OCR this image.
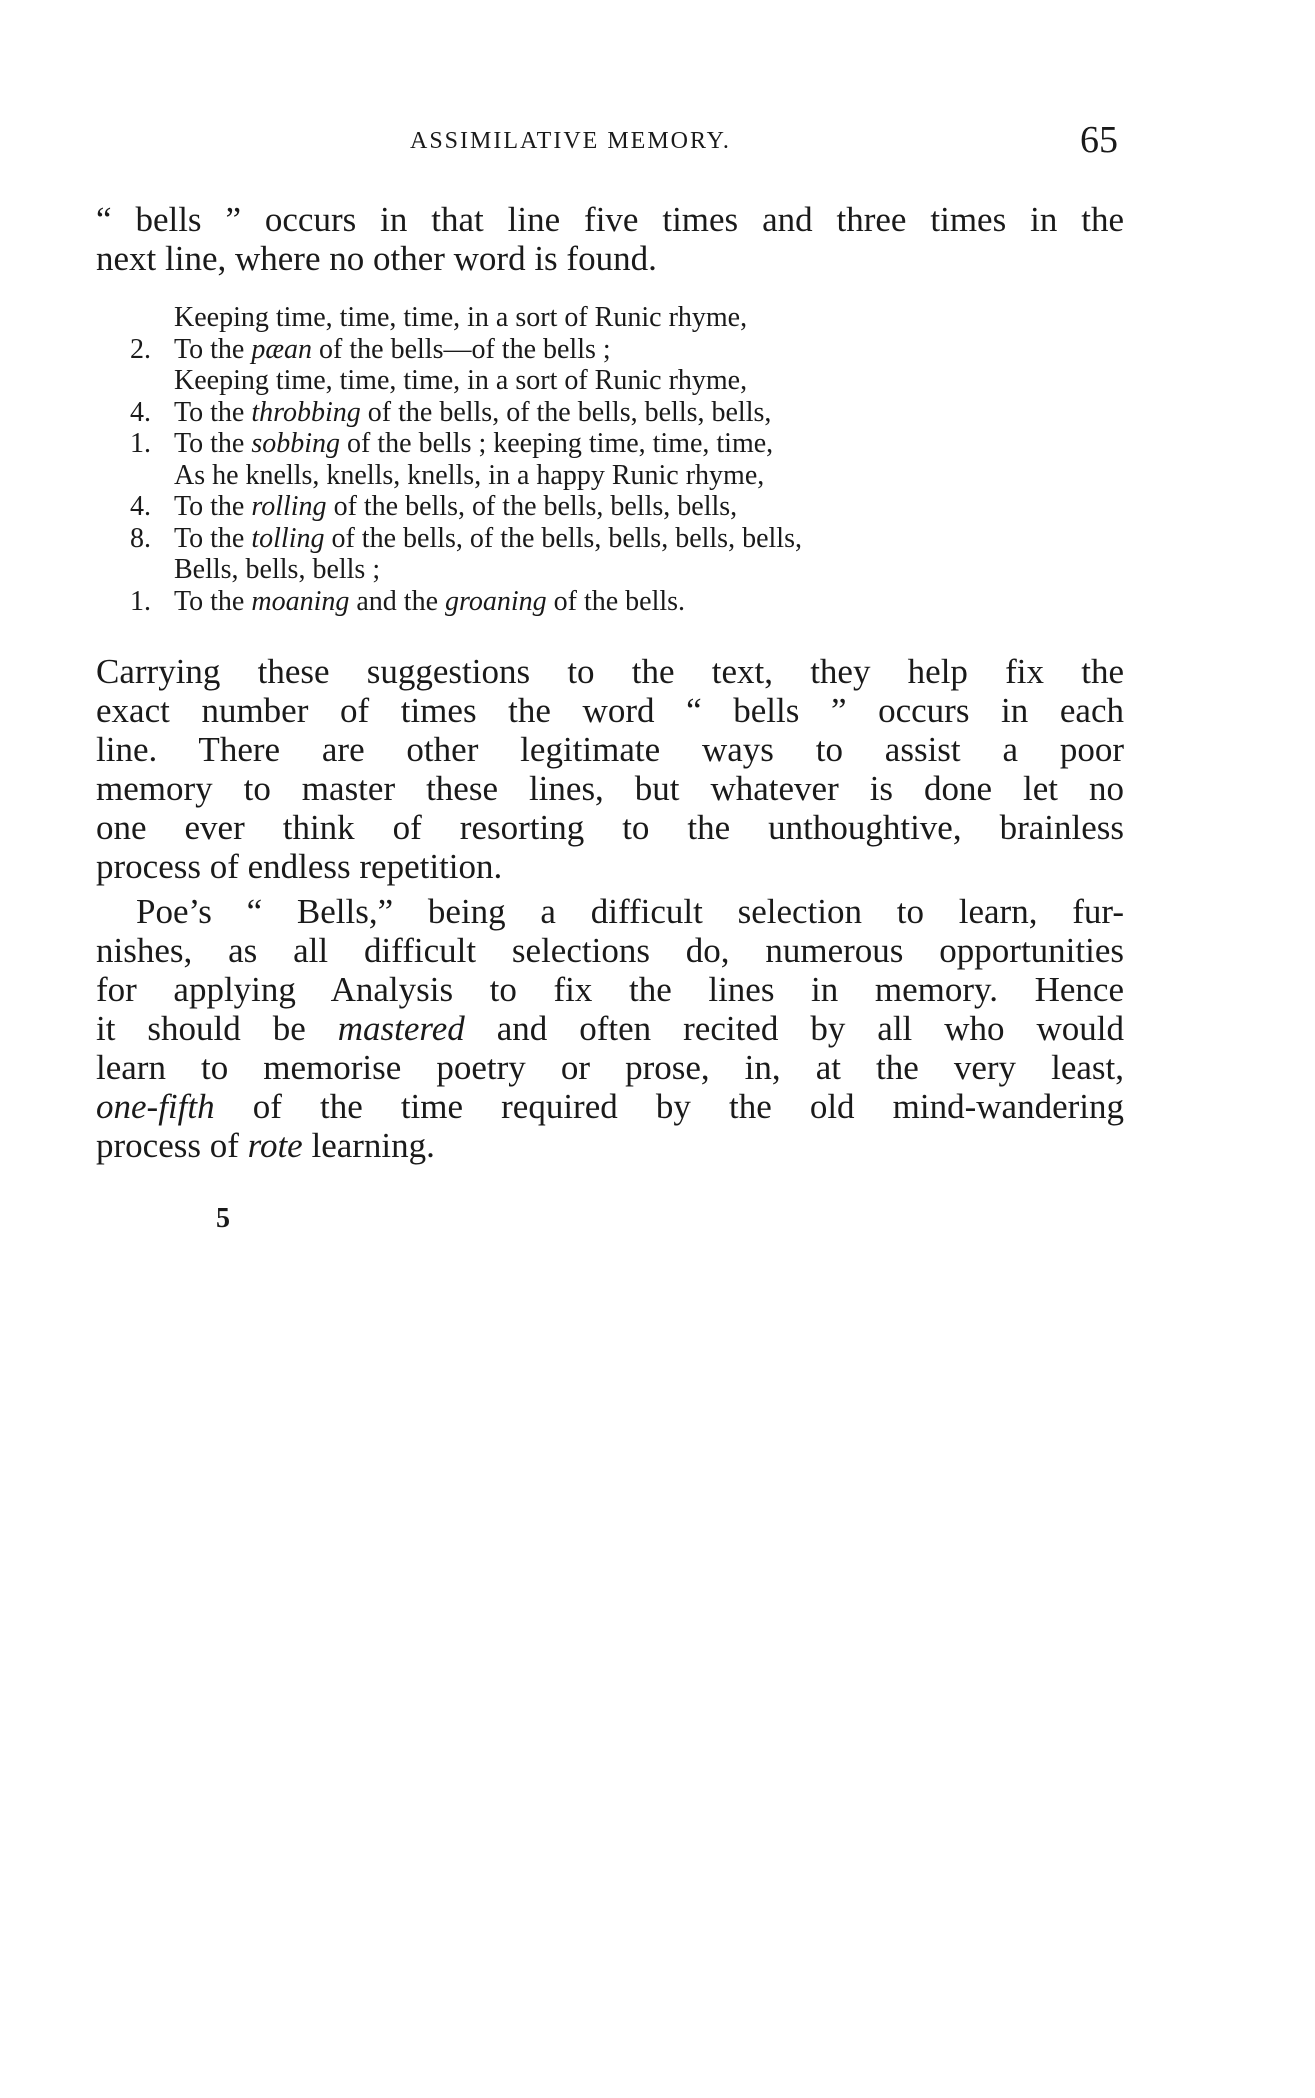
ASSIMILATIVE MEMORY.	65
“ bells ” occurs in that line five times and three times in the
next line, where no other word is found.
Keeping time, time, time, in a sort of Runic rhyme,
2. To the pæan of the bells—of the bells ;
Keeping time, time, time, in a sort of Runic rhyme,
4. To the throbbing of the bells, of the bells, bells, bells,
1. To the sobbing of the bells ; keeping time, time, time,
As he knells, knells, knells, in a happy Runic rhyme,
4. To the rolling of the bells, of the bells, bells, bells,
8. To the tolling of the bells, of the bells, bells, bells, bells,
Bells, bells, bells ;
1. To the moaning and the groaning of the bells.
Carrying these suggestions to the text, they help fix the
exact number of times the word “ bells ” occurs in each
line. There are other legitimate ways to assist a poor
memory to master these lines, but whatever is done let no
one ever think of resorting to the unthoughtive, brainless
process of endless repetition.
Poe’s “ Bells,” being a difficult selection to learn, fur-
nishes, as all difficult selections do, numerous opportunities
for applying Analysis to fix the lines in memory. Hence
it should be mastered and often recited by all who would
learn to memorise poetry or prose, in, at the very least,
one-fifth of the time required by the old mind-wandering
process of rote learning.
5
